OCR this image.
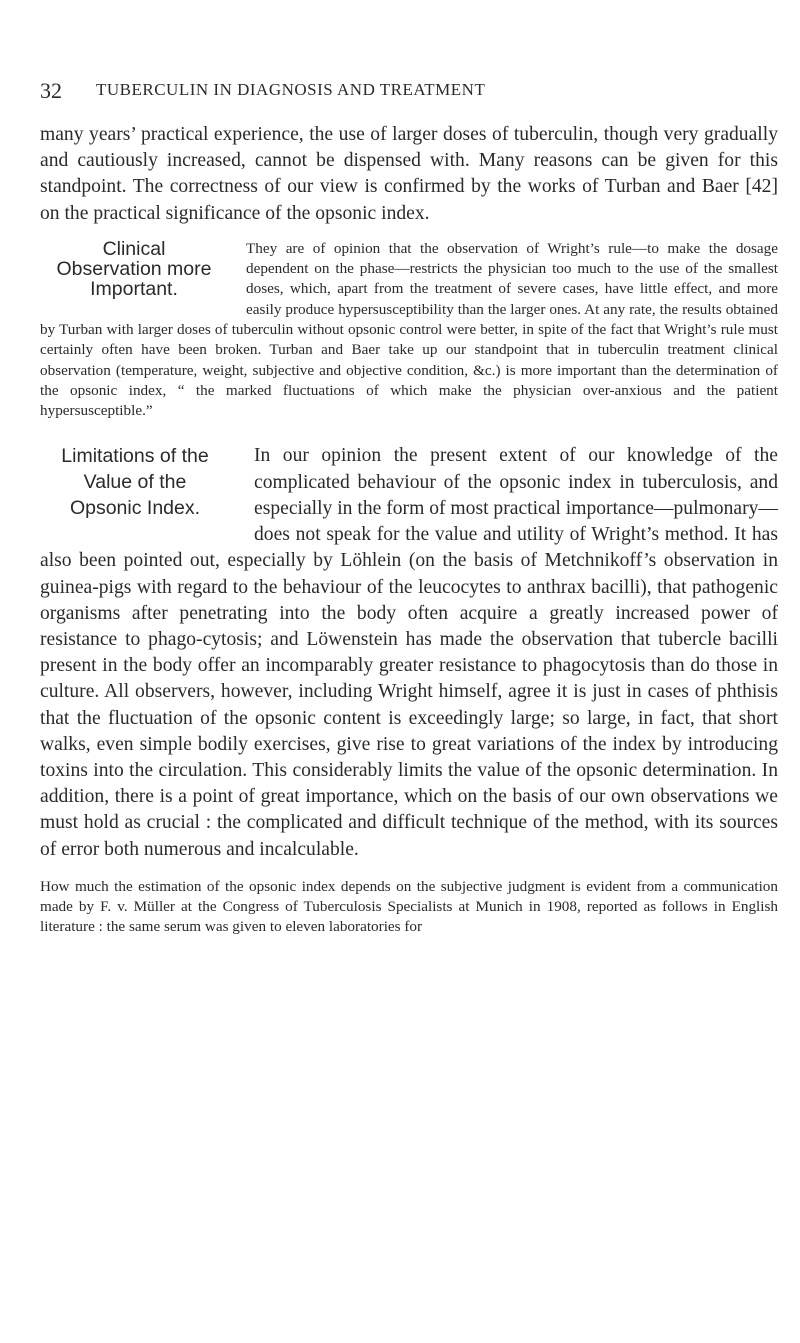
32 TUBERCULIN IN DIAGNOSIS AND TREATMENT

many years’ practical experience, the use of larger doses of tuberculin, though very gradually and cautiously increased, cannot be dispensed with. Many reasons can be given for this standpoint. The correctness of our view is confirmed by the works of Turban and Baer [42] on the practical significance of the opsonic index.

Clinical
Observation more
Important.

They are of opinion that the observation of Wright’s rule—to make the dosage dependent on the phase—restricts the physician too much to the use of the smallest doses, which, apart from the treatment of severe cases, have little effect, and more easily produce hypersusceptibility than the larger ones. At any rate, the results obtained by Turban with larger doses of tuberculin without opsonic control were better, in spite of the fact that Wright’s rule must certainly often have been broken. Turban and Baer take up our standpoint that in tuberculin treatment clinical observation (temperature, weight, subjective and objective condition, &c.) is more important than the determination of the opsonic index, “ the marked fluctuations of which make the physician over-anxious and the patient hypersusceptible.”

Limitations of the
Value of the
Opsonic Index.

In our opinion the present extent of our knowledge of the complicated behaviour of the opsonic index in tuberculosis, and especially in the form of most practical importance—pulmonary—does not speak for the value and utility of Wright’s method. It has also been pointed out, especially by Löhlein (on the basis of Metchnikoff’s observation in guinea-pigs with regard to the behaviour of the leucocytes to anthrax bacilli), that pathogenic organisms after penetrating into the body often acquire a greatly increased power of resistance to phago-cytosis; and Löwenstein has made the observation that tubercle bacilli present in the body offer an incomparably greater resistance to phagocytosis than do those in culture. All observers, however, including Wright himself, agree it is just in cases of phthisis that the fluctuation of the opsonic content is exceedingly large; so large, in fact, that short walks, even simple bodily exercises, give rise to great variations of the index by introducing toxins into the circulation. This considerably limits the value of the opsonic determination. In addition, there is a point of great importance, which on the basis of our own observations we must hold as crucial : the complicated and difficult technique of the method, with its sources of error both numerous and incalculable.

How much the estimation of the opsonic index depends on the subjective judgment is evident from a communication made by F. v. Müller at the Congress of Tuberculosis Specialists at Munich in 1908, reported as follows in English literature : the same serum was given to eleven laboratories for
